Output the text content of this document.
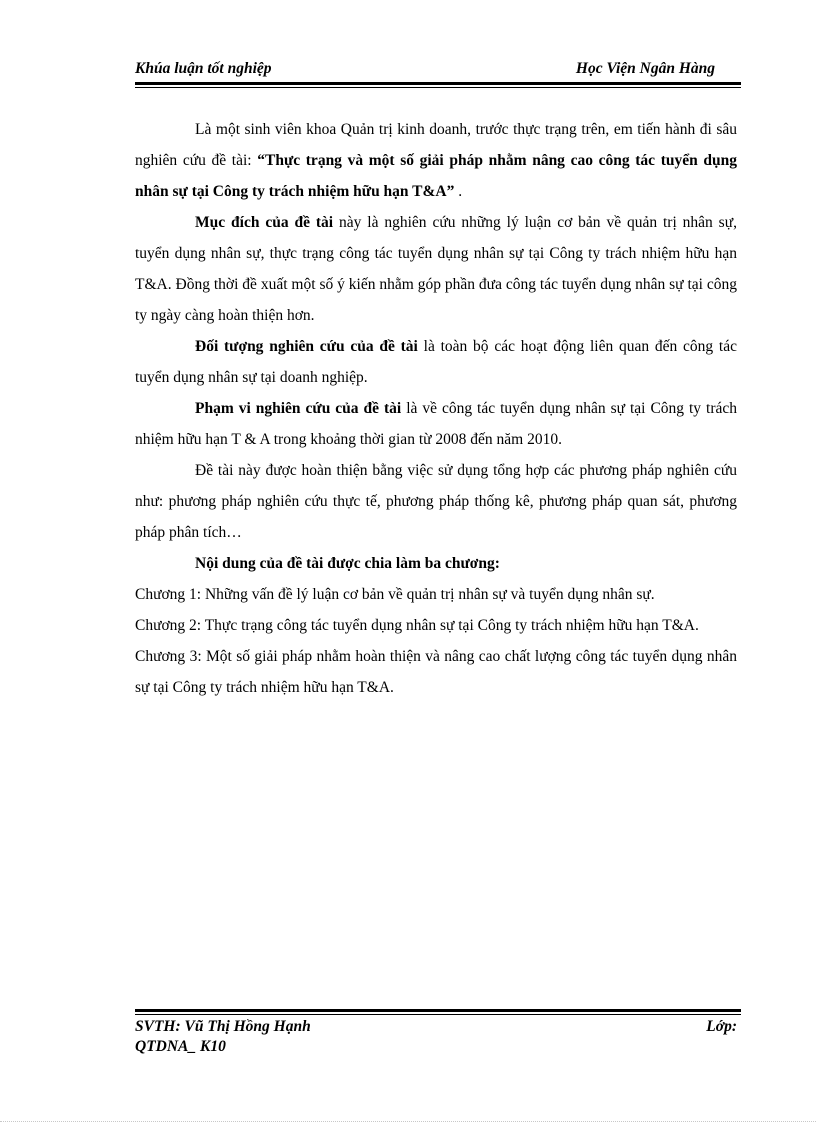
Khúa luận tốt nghiệp	Học Viện Ngân Hàng

Là một sinh viên khoa Quản trị kinh doanh, trước thực trạng trên, em tiến hành đi sâu nghiên cứu đề tài: “Thực trạng và một số giải pháp nhằm nâng cao công tác tuyển dụng nhân sự tại Công ty trách nhiệm hữu hạn T&A” .

Mục đích của đề tài này là nghiên cứu những lý luận cơ bản về quản trị nhân sự, tuyển dụng nhân sự, thực trạng công tác tuyển dụng nhân sự tại Công ty trách nhiệm hữu hạn T&A. Đồng thời đề xuất một số ý kiến nhằm góp phần đưa công tác tuyển dụng nhân sự tại công ty ngày càng hoàn thiện hơn.

Đối tượng nghiên cứu của đề tài là toàn bộ các hoạt động liên quan đến công tác tuyển dụng nhân sự tại doanh nghiệp.

Phạm vi nghiên cứu của đề tài là về công tác tuyển dụng nhân sự tại Công ty trách nhiệm hữu hạn T & A trong khoảng thời gian từ 2008 đến năm 2010.

Đề tài này được hoàn thiện bằng việc sử dụng tổng hợp các phương pháp nghiên cứu như: phương pháp nghiên cứu thực tế, phương pháp thống kê, phương pháp quan sát, phương pháp phân tích…

Nội dung của đề tài được chia làm ba chương:

Chương 1: Những vấn đề lý luận cơ bản về quản trị nhân sự và tuyển dụng nhân sự.

Chương 2: Thực trạng công tác tuyển dụng nhân sự tại Công ty trách nhiệm hữu hạn T&A.

Chương 3: Một số giải pháp nhằm hoàn thiện và nâng cao chất lượng công tác tuyển dụng nhân sự tại Công ty trách nhiệm hữu hạn T&A.

SVTH: Vũ Thị Hồng Hạnh	Lớp:
QTDNA_ K10
